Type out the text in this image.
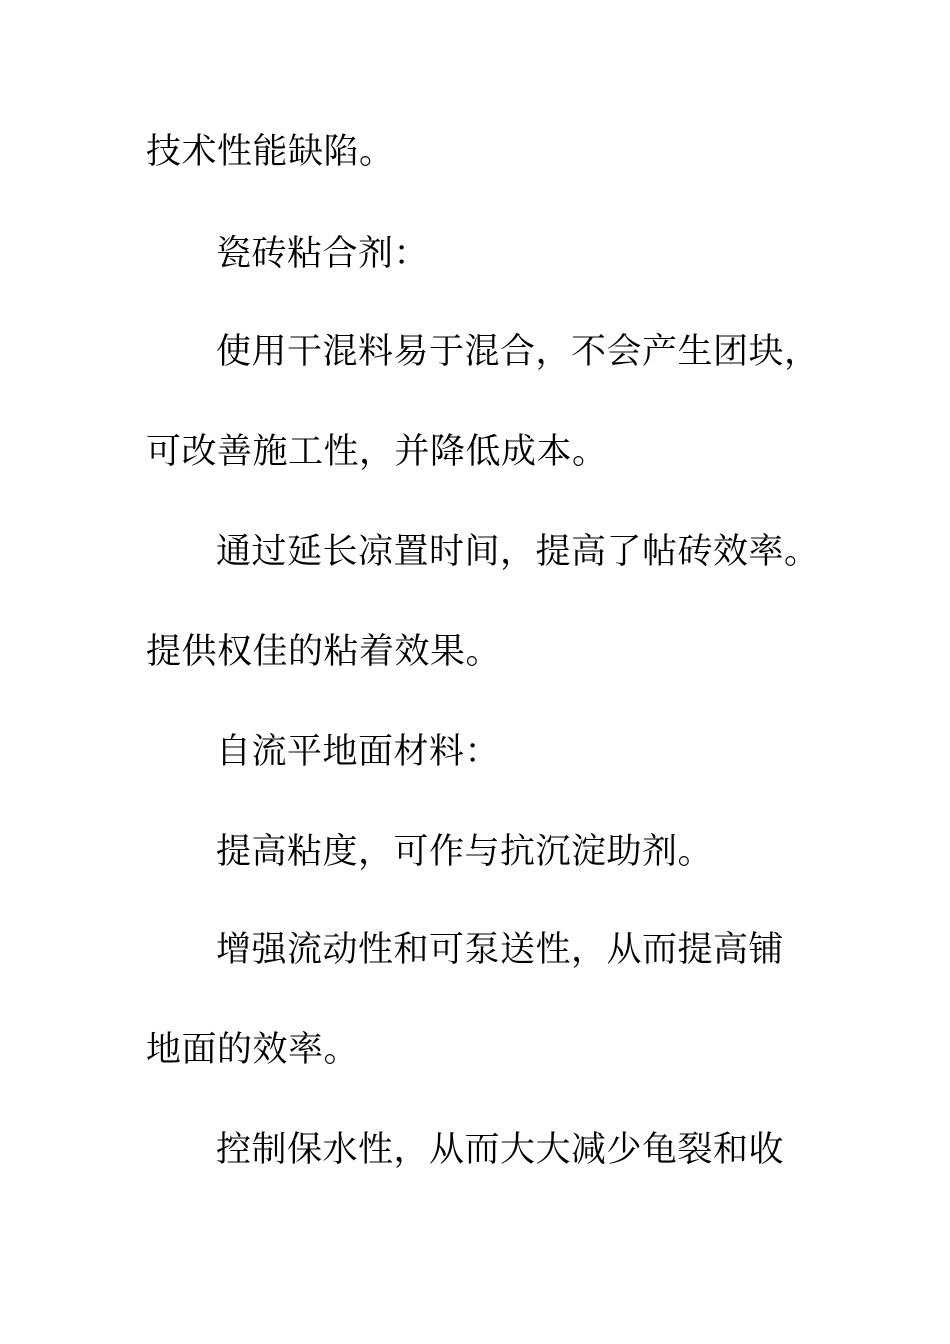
技术性能缺陷。
瓷砖粘合剂：
使用干混料易于混合，不会产生团块，
可改善施工性，并降低成本。
通过延长凉置时间，提高了帖砖效率。
提供权佳的粘着效果。
自流平地面材料：
提高粘度，可作与抗沉淀助剂。
增强流动性和可泵送性，从而提高铺
地面的效率。
控制保水性，从而大大减少龟裂和收
